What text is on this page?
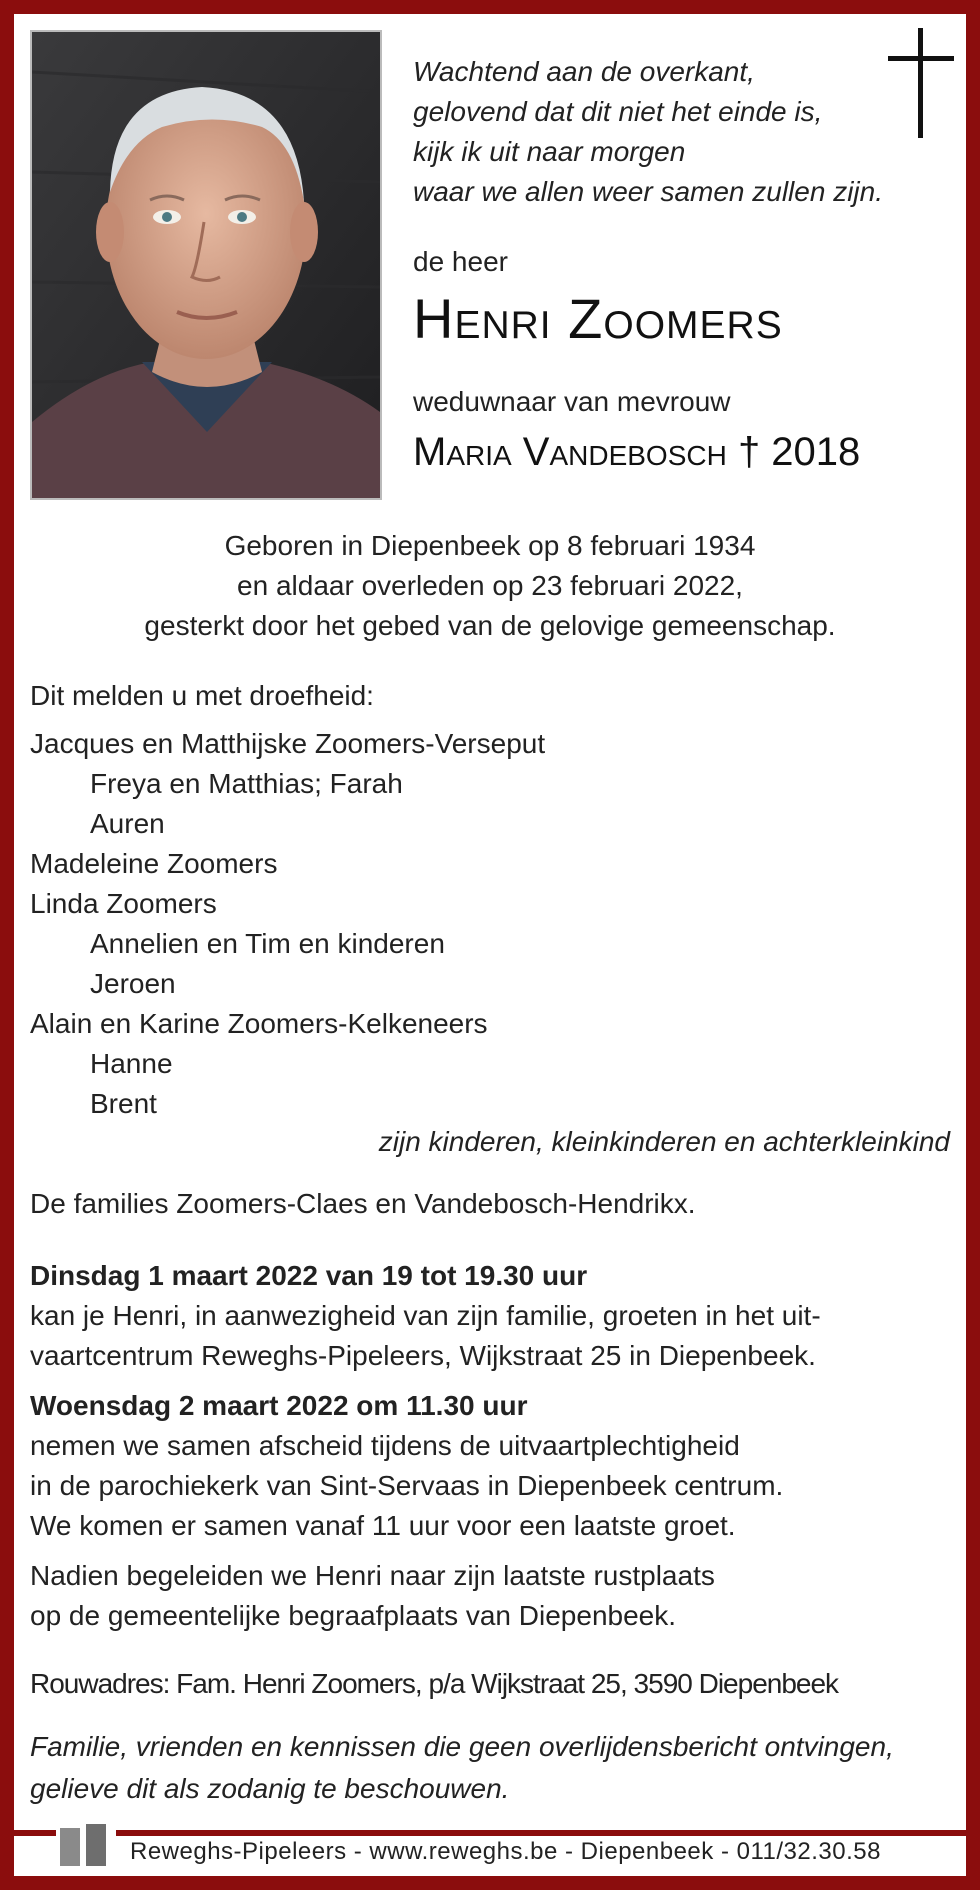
Wachtend aan de overkant,
gelovend dat dit niet het einde is,
kijk ik uit naar morgen
waar we allen weer samen zullen zijn.
de heer
Henri Zoomers
weduwnaar van mevrouw
Maria Vandebosch † 2018
Geboren in Diepenbeek op 8 februari 1934
en aldaar overleden op 23 februari 2022,
gesterkt door het gebed van de gelovige gemeenschap.
Dit melden u met droefheid:
Jacques en Matthijske Zoomers-Verseput
Freya en Matthias; Farah
Auren
Madeleine Zoomers
Linda Zoomers
Annelien en Tim en kinderen
Jeroen
Alain en Karine Zoomers-Kelkeneers
Hanne
Brent
zijn kinderen, kleinkinderen en achterkleinkind
De families Zoomers-Claes en Vandebosch-Hendrikx.
Dinsdag 1 maart 2022 van 19 tot 19.30 uur
kan je Henri, in aanwezigheid van zijn familie, groeten in het uit-
vaartcentrum Reweghs-Pipeleers, Wijkstraat 25 in Diepenbeek.
Woensdag 2 maart 2022 om 11.30 uur
nemen we samen afscheid tijdens de uitvaartplechtigheid
in de parochiekerk van Sint-Servaas in Diepenbeek centrum.
We komen er samen vanaf 11 uur voor een laatste groet.
Nadien begeleiden we Henri naar zijn laatste rustplaats
op de gemeentelijke begraafplaats van Diepenbeek.
Rouwadres: Fam. Henri Zoomers, p/a Wijkstraat 25, 3590 Diepenbeek
Familie, vrienden en kennissen die geen overlijdensbericht ontvingen,
gelieve dit als zodanig te beschouwen.
Reweghs-Pipeleers - www.reweghs.be - Diepenbeek - 011/32.30.58
